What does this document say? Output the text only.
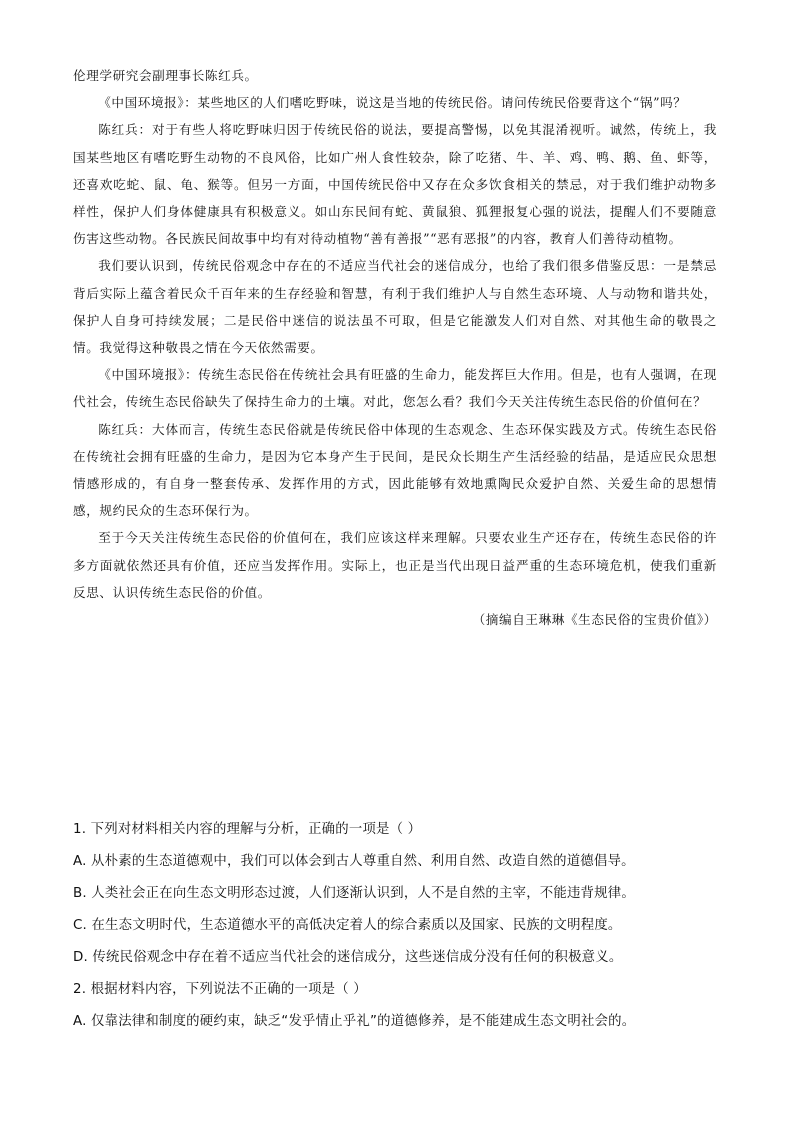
伦理学研究会副理事长陈红兵。

《中国环境报》：某些地区的人们嗜吃野味，说这是当地的传统民俗。请问传统民俗要背这个“锅”吗？

陈红兵：对于有些人将吃野味归因于传统民俗的说法，要提高警惕，以免其混淆视听。诚然，传统上，我国某些地区有嗜吃野生动物的不良风俗，比如广州人食性较杂，除了吃猪、牛、羊、鸡、鸭、鹅、鱼、虾等，还喜欢吃蛇、鼠、龟、猴等。但另一方面，中国传统民俗中又存在众多饮食相关的禁忌，对于我们维护动物多样性，保护人们身体健康具有积极意义。如山东民间有蛇、黄鼠狼、狐狸报复心强的说法，提醒人们不要随意伤害这些动物。各民族民间故事中均有对待动植物“善有善报”“恶有恶报”的内容，教育人们善待动植物。

我们要认识到，传统民俗观念中存在的不适应当代社会的迷信成分，也给了我们很多借鉴反思：一是禁忌背后实际上蕴含着民众千百年来的生存经验和智慧，有利于我们维护人与自然生态环境、人与动物和谐共处，保护人自身可持续发展；二是民俗中迷信的说法虽不可取，但是它能激发人们对自然、对其他生命的敬畏之情。我觉得这种敬畏之情在今天依然需要。

《中国环境报》：传统生态民俗在传统社会具有旺盛的生命力，能发挥巨大作用。但是，也有人强调，在现代社会，传统生态民俗缺失了保持生命力的土壤。对此，您怎么看？我们今天关注传统生态民俗的价值何在？

陈红兵：大体而言，传统生态民俗就是传统民俗中体现的生态观念、生态环保实践及方式。传统生态民俗在传统社会拥有旺盛的生命力，是因为它本身产生于民间，是民众长期生产生活经验的结晶，是适应民众思想情感形成的，有自身一整套传承、发挥作用的方式，因此能够有效地熏陶民众爱护自然、关爱生命的思想情感，规约民众的生态环保行为。

至于今天关注传统生态民俗的价值何在，我们应该这样来理解。只要农业生产还存在，传统生态民俗的许多方面就依然还具有价值，还应当发挥作用。实际上，也正是当代出现日益严重的生态环境危机，使我们重新反思、认识传统生态民俗的价值。

（摘编自王琳琳《生态民俗的宝贵价值》）

1. 下列对材料相关内容的理解与分析，正确的一项是（ ）

A. 从朴素的生态道德观中，我们可以体会到古人尊重自然、利用自然、改造自然的道德倡导。

B. 人类社会正在向生态文明形态过渡，人们逐渐认识到，人不是自然的主宰，不能违背规律。

C. 在生态文明时代，生态道德水平的高低决定着人的综合素质以及国家、民族的文明程度。

D. 传统民俗观念中存在着不适应当代社会的迷信成分，这些迷信成分没有任何的积极意义。

2. 根据材料内容，下列说法不正确的一项是（ ）

A. 仅靠法律和制度的硬约束，缺乏“发乎情止乎礼”的道德修养，是不能建成生态文明社会的。
